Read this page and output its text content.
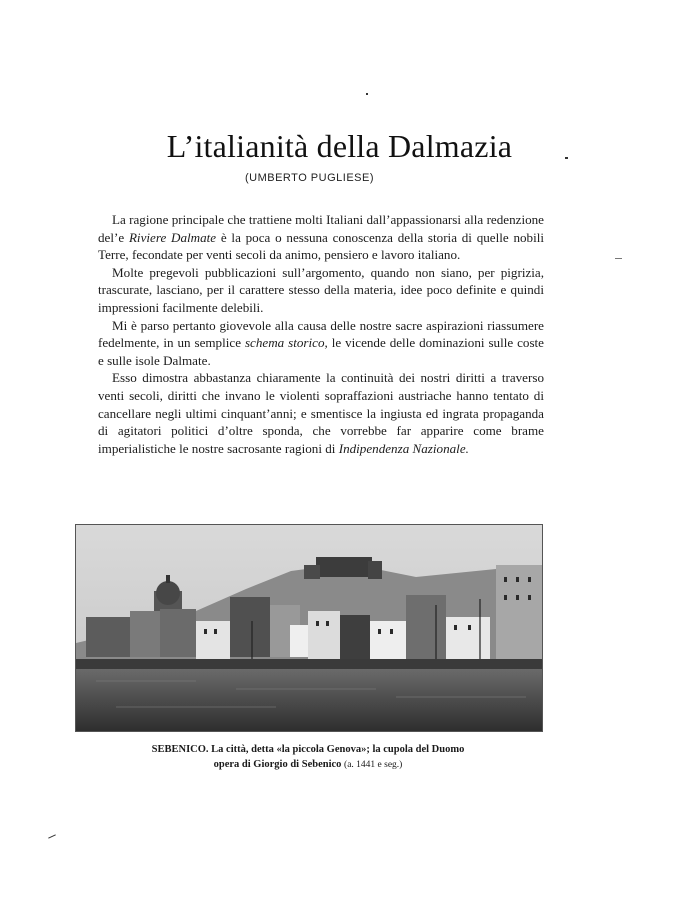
L’italianità della Dalmazia
(UMBERTO PUGLIESE)

La ragione principale che trattiene molti Italiani dall’appassionarsi alla redenzione del’e Riviere Dalmate è la poca o nessuna conoscenza della storia di quelle nobili Terre, fecondate per venti secoli da animo, pensiero e lavoro italiano.

Molte pregevoli pubblicazioni sull’argomento, quando non siano, per pigrizia, trascurate, lasciano, per il carattere stesso della materia, idee poco definite e quindi impressioni facilmente delebili.

Mi è parso pertanto giovevole alla causa delle nostre sacre aspirazioni riassumere fedelmente, in un semplice schema storico, le vicende delle dominazioni sulle coste e sulle isole Dalmate.

Esso dimostra abbastanza chiaramente la continuità dei nostri diritti a traverso venti secoli, diritti che invano le violenti sopraffazioni austriache hanno tentato di cancellare negli ultimi cinquant’anni; e smentisce la ingiusta ed ingrata propaganda di agitatori politici d’oltre sponda, che vorrebbe far apparire come brame imperialistiche le nostre sacrosante ragioni di Indipendenza Nazionale.

SEBENICO. La città, detta «la piccola Genova»; la cupola del Duomo
opera di Giorgio di Sebenico (a. 1441 e seg.)
